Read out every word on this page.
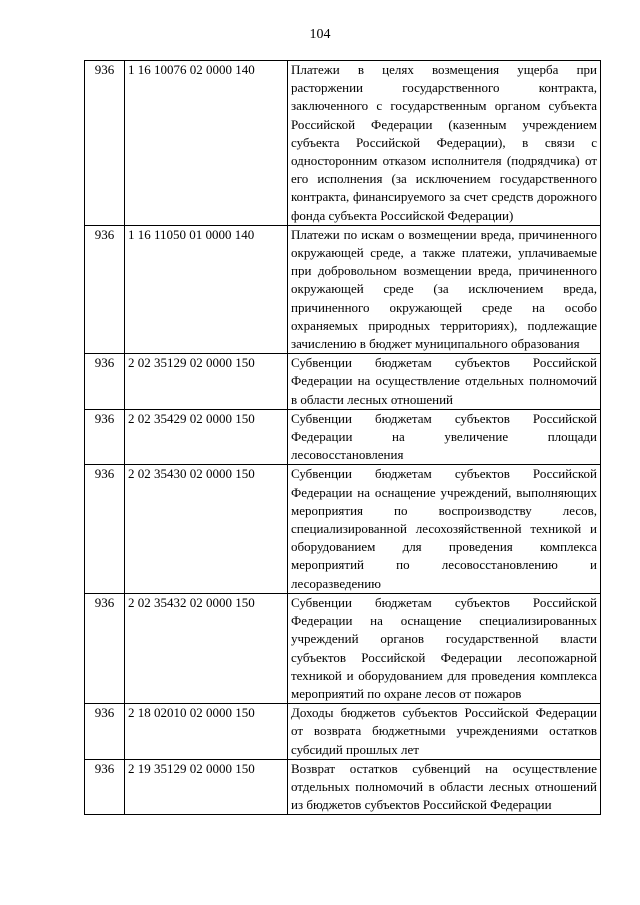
104
936	1 16 10076 02 0000 140	Платежи в целях возмещения ущерба при расторжении государственного контракта, заключенного с государственным органом субъекта Российской Федерации (казенным учреждением субъекта Российской Федерации), в связи с односторонним отказом исполнителя (подрядчика) от его исполнения (за исключением государственного контракта, финансируемого за счет средств дорожного фонда субъекта Российской Федерации)
936	1 16 11050 01 0000 140	Платежи по искам о возмещении вреда, причиненного окружающей среде, а также платежи, уплачиваемые при добровольном возмещении вреда, причиненного окружающей среде (за исключением вреда, причиненного окружающей среде на особо охраняемых природных территориях), подлежащие зачислению в бюджет муниципального образования
936	2 02 35129 02 0000 150	Субвенции бюджетам субъектов Российской Федерации на осуществление отдельных полномочий в области лесных отношений
936	2 02 35429 02 0000 150	Субвенции бюджетам субъектов Российской Федерации на увеличение площади лесовосстановления
936	2 02 35430 02 0000 150	Субвенции бюджетам субъектов Российской Федерации на оснащение учреждений, выполняющих мероприятия по воспроизводству лесов, специализированной лесохозяйственной техникой и оборудованием для проведения комплекса мероприятий по лесовосстановлению и лесоразведению
936	2 02 35432 02 0000 150	Субвенции бюджетам субъектов Российской Федерации на оснащение специализированных учреждений органов государственной власти субъектов Российской Федерации лесопожарной техникой и оборудованием для проведения комплекса мероприятий по охране лесов от пожаров
936	2 18 02010 02 0000 150	Доходы бюджетов субъектов Российской Федерации от возврата бюджетными учреждениями остатков субсидий прошлых лет
936	2 19 35129 02 0000 150	Возврат остатков субвенций на осуществление отдельных полномочий в области лесных отношений из бюджетов субъектов Российской Федерации
